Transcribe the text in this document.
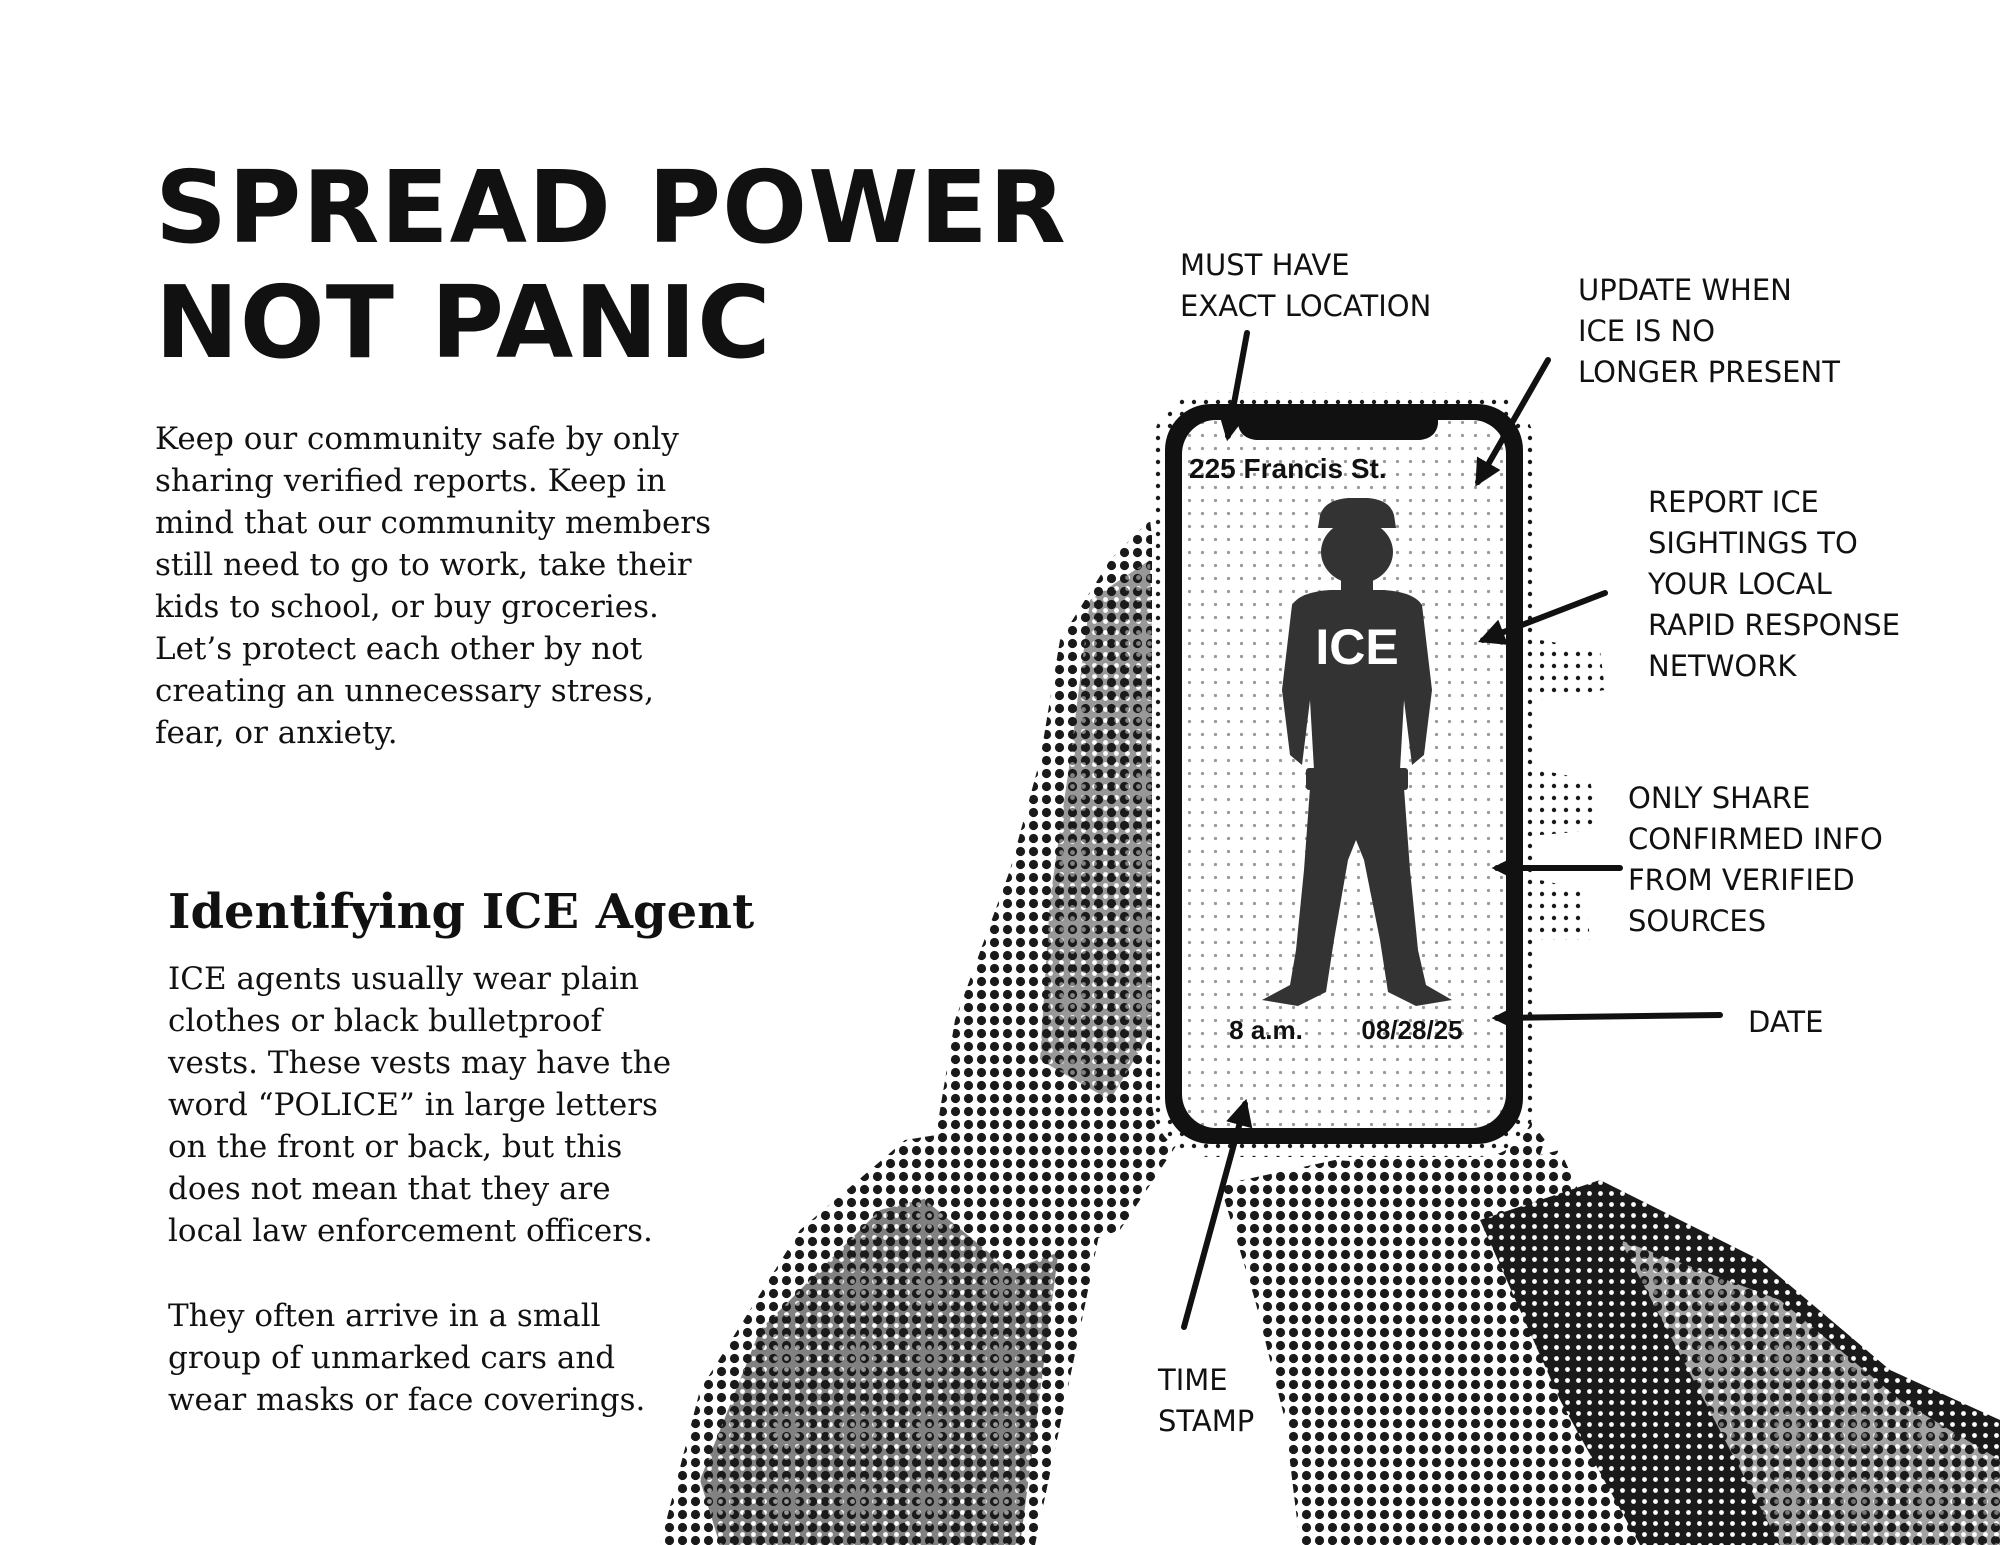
SPREAD POWER
NOT PANIC

Keep our community safe by only
sharing verified reports. Keep in
mind that our community members
still need to go to work, take their
kids to school, or buy groceries.
Let’s protect each other by not
creating an unnecessary stress,
fear, or anxiety.

Identifying ICE Agent

ICE agents usually wear plain
clothes or black bulletproof
vests. These vests may have the
word “POLICE” in large letters
on the front or back, but this
does not mean that they are
local law enforcement officers.

They often arrive in a small
group of unmarked cars and
wear masks or face coverings.

225 Francis St.
ICE
8 a.m. 08/28/25

MUST HAVE
EXACT LOCATION	UPDATE WHEN
ICE IS NO
LONGER PRESENT

REPORT ICE
SIGHTINGS TO
YOUR LOCAL
RAPID RESPONSE
NETWORK

ONLY SHARE
CONFIRMED INFO
FROM VERIFIED
SOURCES

DATE

TIME
STAMP
